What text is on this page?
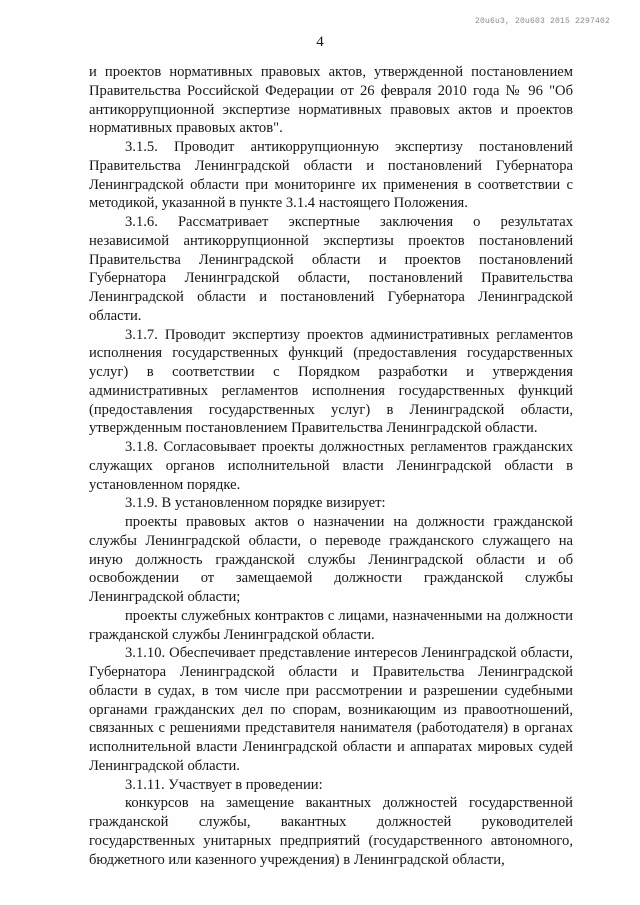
20u6u3, 20u603 2015 2297402
4

и проектов нормативных правовых актов, утвержденной постановлением Правительства Российской Федерации от 26 февраля 2010 года № 96 "Об антикоррупционной экспертизе нормативных правовых актов и проектов нормативных правовых актов".

3.1.5. Проводит антикоррупционную экспертизу постановлений Правительства Ленинградской области и постановлений Губернатора Ленинградской области при мониторинге их применения в соответствии с методикой, указанной в пункте 3.1.4 настоящего Положения.

3.1.6. Рассматривает экспертные заключения о результатах независимой антикоррупционной экспертизы проектов постановлений Правительства Ленинградской области и проектов постановлений Губернатора Ленинградской области, постановлений Правительства Ленинградской области и постановлений Губернатора Ленинградской области.

3.1.7. Проводит экспертизу проектов административных регламентов исполнения государственных функций (предоставления государственных услуг) в соответствии с Порядком разработки и утверждения административных регламентов исполнения государственных функций (предоставления государственных услуг) в Ленинградской области, утвержденным постановлением Правительства Ленинградской области.

3.1.8. Согласовывает проекты должностных регламентов гражданских служащих органов исполнительной власти Ленинградской области в установленном порядке.

3.1.9. В установленном порядке визирует:

проекты правовых актов о назначении на должности гражданской службы Ленинградской области, о переводе гражданского служащего на иную должность гражданской службы Ленинградской области и об освобождении от замещаемой должности гражданской службы Ленинградской области;

проекты служебных контрактов с лицами, назначенными на должности гражданской службы Ленинградской области.

3.1.10. Обеспечивает представление интересов Ленинградской области, Губернатора Ленинградской области и Правительства Ленинградской области в судах, в том числе при рассмотрении и разрешении судебными органами гражданских дел по спорам, возникающим из правоотношений, связанных с решениями представителя нанимателя (работодателя) в органах исполнительной власти Ленинградской области и аппаратах мировых судей Ленинградской области.

3.1.11. Участвует в проведении:

конкурсов на замещение вакантных должностей государственной гражданской службы, вакантных должностей руководителей государственных унитарных предприятий (государственного автономного, бюджетного или казенного учреждения) в Ленинградской области,
